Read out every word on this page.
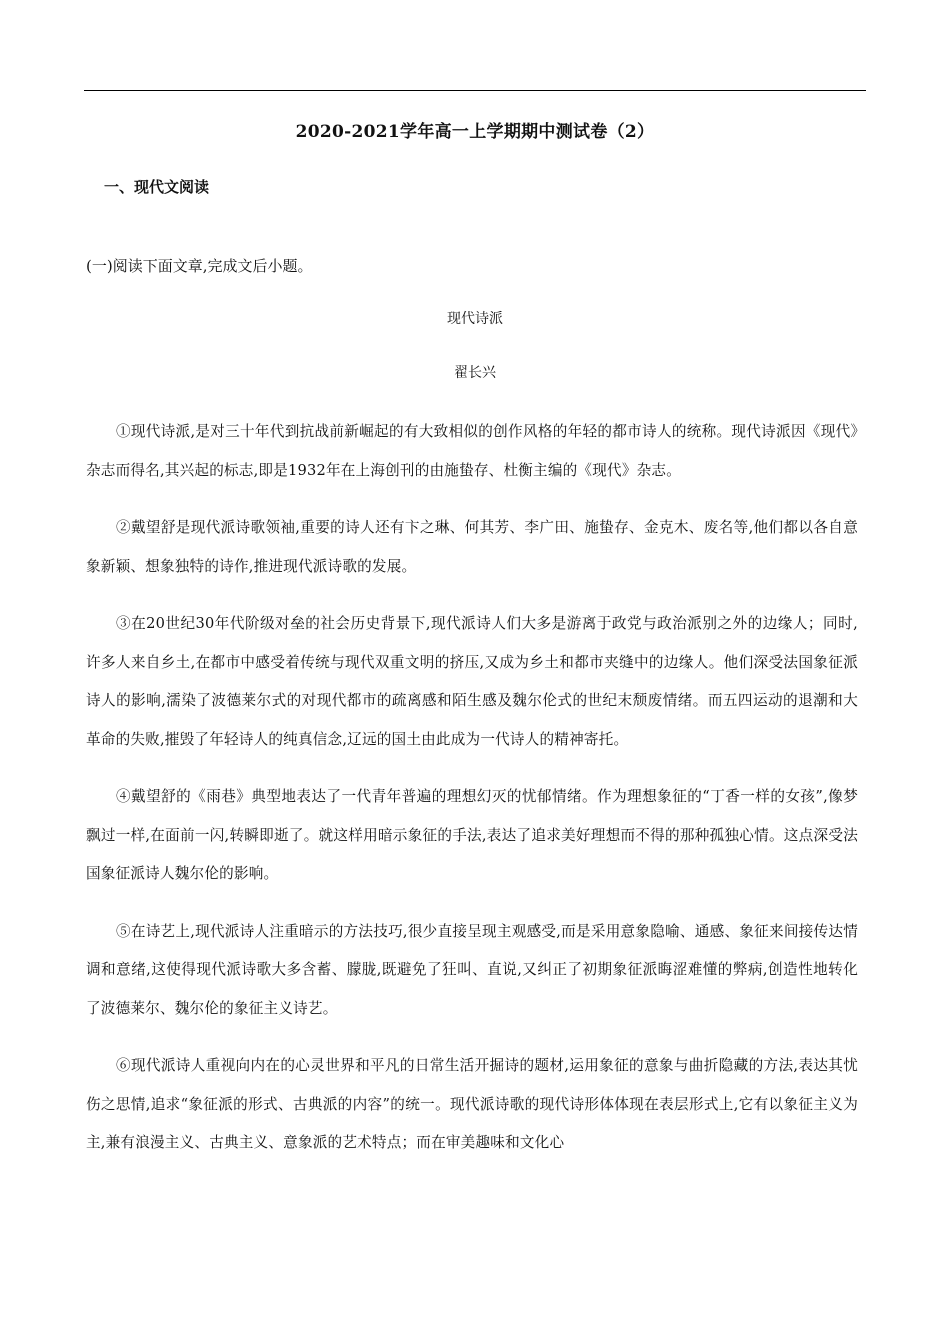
2020-2021学年高一上学期期中测试卷（2）
一、现代文阅读
(一)阅读下面文章,完成文后小题。
现代诗派
翟长兴

①现代诗派,是对三十年代到抗战前新崛起的有大致相似的创作风格的年轻的都市诗人的统称。现代诗派因《现代》杂志而得名,其兴起的标志,即是1932年在上海创刊的由施蛰存、杜衡主编的《现代》杂志。

②戴望舒是现代派诗歌领袖,重要的诗人还有卞之琳、何其芳、李广田、施蛰存、金克木、废名等,他们都以各自意象新颖、想象独特的诗作,推进现代派诗歌的发展。

③在20世纪30年代阶级对垒的社会历史背景下,现代派诗人们大多是游离于政党与政治派别之外的边缘人；同时,许多人来自乡土,在都市中感受着传统与现代双重文明的挤压,又成为乡土和都市夹缝中的边缘人。他们深受法国象征派诗人的影响,濡染了波德莱尔式的对现代都市的疏离感和陌生感及魏尔伦式的世纪末颓废情绪。而五四运动的退潮和大革命的失败,摧毁了年轻诗人的纯真信念,辽远的国土由此成为一代诗人的精神寄托。

④戴望舒的《雨巷》典型地表达了一代青年普遍的理想幻灭的忧郁情绪。作为理想象征的“丁香一样的女孩”,像梦飘过一样,在面前一闪,转瞬即逝了。就这样用暗示象征的手法,表达了追求美好理想而不得的那种孤独心情。这点深受法国象征派诗人魏尔伦的影响。

⑤在诗艺上,现代派诗人注重暗示的方法技巧,很少直接呈现主观感受,而是采用意象隐喻、通感、象征来间接传达情调和意绪,这使得现代派诗歌大多含蓄、朦胧,既避免了狂叫、直说,又纠正了初期象征派晦涩难懂的弊病,创造性地转化了波德莱尔、魏尔伦的象征主义诗艺。

⑥现代派诗人重视向内在的心灵世界和平凡的日常生活开掘诗的题材,运用象征的意象与曲折隐藏的方法,表达其忧伤之思情,追求“象征派的形式、古典派的内容”的统一。现代派诗歌的现代诗形体体现在表层形式上,它有以象征主义为主,兼有浪漫主义、古典主义、意象派的艺术特点；而在审美趣味和文化心
